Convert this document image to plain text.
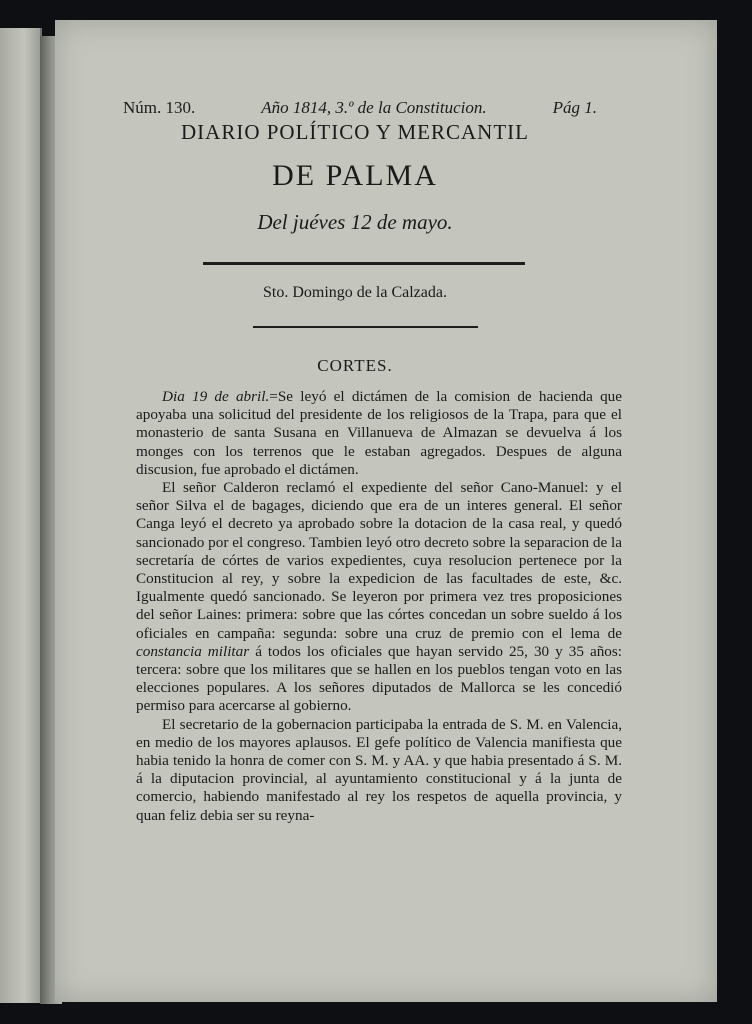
Núm. 130.	Año 1814, 3.º de la Constitucion.	Pág 1.
DIARIO POLÍTICO Y MERCANTIL
DE PALMA
Del juéves 12 de mayo.
Sto. Domingo de la Calzada.
CORTES.

Dia 19 de abril.=Se leyó el dictámen de la comision de hacienda que apoyaba una solicitud del presidente de los religiosos de la Trapa, para que el monasterio de santa Susana en Villanueva de Almazan se devuelva á los monges con los terrenos que le estaban agregados. Despues de alguna discusion, fue aprobado el dictámen.

El señor Calderon reclamó el expediente del señor Cano-Manuel: y el señor Silva el de bagages, diciendo que era de un interes general. El señor Canga leyó el decreto ya aprobado sobre la dotacion de la casa real, y quedó sancionado por el congreso. Tambien leyó otro decreto sobre la separacion de la secretaría de córtes de varios expedientes, cuya resolucion pertenece por la Constitucion al rey, y sobre la expedicion de las facultades de este, &c. Igualmente quedó sancionado. Se leyeron por primera vez tres proposiciones del señor Laines: primera: sobre que las córtes concedan un sobre sueldo á los oficiales en campaña: segunda: sobre una cruz de premio con el lema de constancia militar á todos los oficiales que hayan servido 25, 30 y 35 años: tercera: sobre que los militares que se hallen en los pueblos tengan voto en las elecciones populares. A los señores diputados de Mallorca se les concedió permiso para acercarse al gobierno.

El secretario de la gobernacion participaba la entrada de S. M. en Valencia, en medio de los mayores aplausos. El gefe político de Valencia manifiesta que habia tenido la honra de comer con S. M. y AA. y que habia presentado á S. M. á la diputacion provincial, al ayuntamiento constitucional y á la junta de comercio, habiendo manifestado al rey los respetos de aquella provincia, y quan feliz debia ser su reyna-
